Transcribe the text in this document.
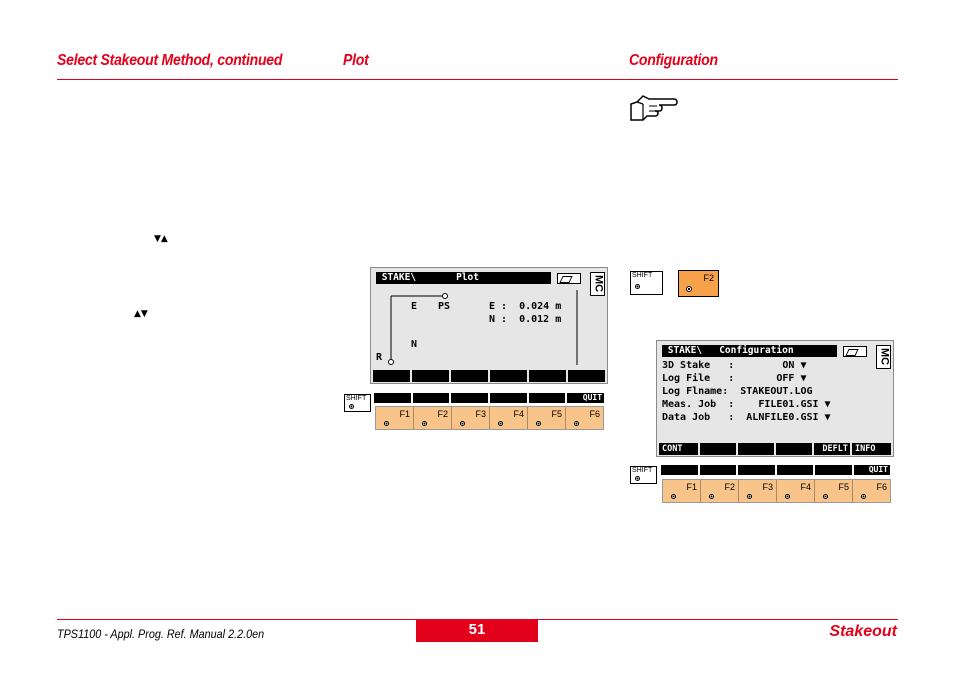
Select Stakeout Method, continued	Plot	Configuration
▼▲
▲▼
STAKE\       Plot	MC
E PS	E :  0.024 m
N :  0.012 m
N
R
SHIFT	QUIT
F1	F2	F3	F4	F5	F6
SHIFT	F2
STAKE\   Configuration	MC
3D Stake   :        ON ▼
Log File   :       OFF ▼
Log Flname:  STAKEOUT.LOG
Meas. Job  :    FILE01.GSI ▼
Data Job   :  ALNFILE0.GSI ▼
CONT	DEFLT INFO
SHIFT	QUIT
F1	F2	F3	F4	F5	F6
TPS1100 - Appl. Prog. Ref. Manual 2.2.0en	51	Stakeout
